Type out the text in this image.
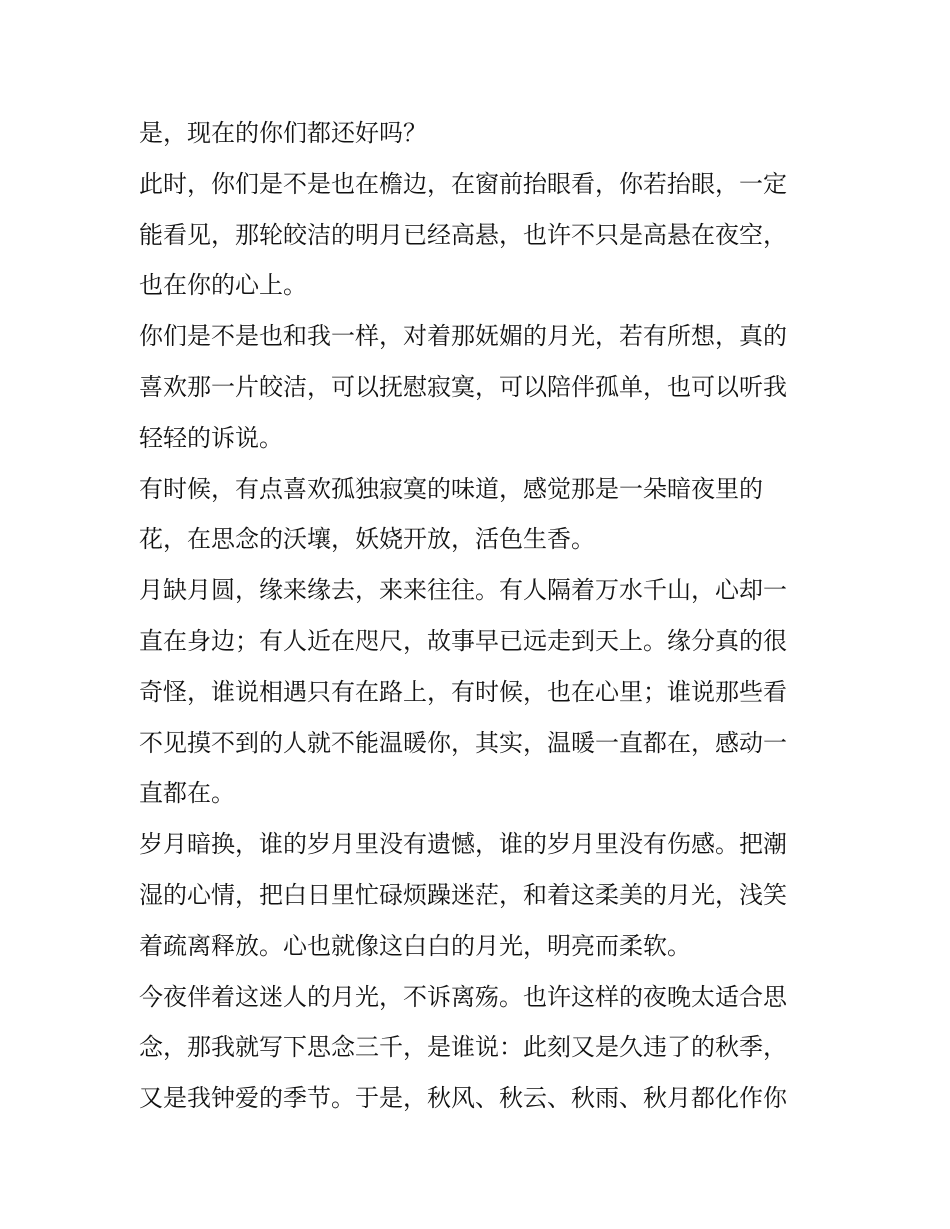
是，现在的你们都还好吗？
此时，你们是不是也在檐边，在窗前抬眼看，你若抬眼，一定
能看见，那轮皎洁的明月已经高悬，也许不只是高悬在夜空，
也在你的心上。
你们是不是也和我一样，对着那妩媚的月光，若有所想，真的
喜欢那一片皎洁，可以抚慰寂寞，可以陪伴孤单，也可以听我
轻轻的诉说。
有时候，有点喜欢孤独寂寞的味道，感觉那是一朵暗夜里的
花，在思念的沃壤，妖娆开放，活色生香。
月缺月圆，缘来缘去，来来往往。有人隔着万水千山，心却一
直在身边；有人近在咫尺，故事早已远走到天上。缘分真的很
奇怪，谁说相遇只有在路上，有时候，也在心里；谁说那些看
不见摸不到的人就不能温暖你，其实，温暖一直都在，感动一
直都在。
岁月暗换，谁的岁月里没有遗憾，谁的岁月里没有伤感。把潮
湿的心情，把白日里忙碌烦躁迷茫，和着这柔美的月光，浅笑
着疏离释放。心也就像这白白的月光，明亮而柔软。
今夜伴着这迷人的月光，不诉离殇。也许这样的夜晚太适合思
念，那我就写下思念三千，是谁说：此刻又是久违了的秋季，
又是我钟爱的季节。于是，秋风、秋云、秋雨、秋月都化作你
